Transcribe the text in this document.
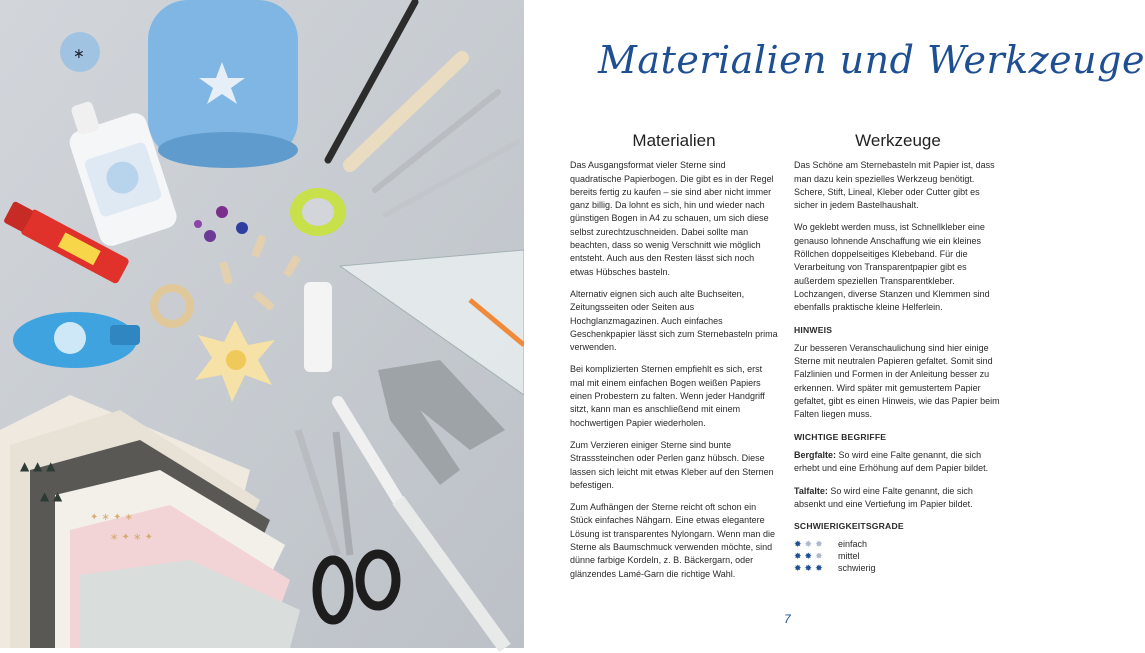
✦ ∗ ✦ ∗
∗ ✦ ∗ ✦
▲ ▲ ▲
▲ ▲
∗	Materialien und Werkzeuge
Materialien

Das Ausgangsformat vieler Sterne sind quadratische Papierbogen. Die gibt es in der Regel bereits fertig zu kaufen – sie sind aber nicht immer ganz billig. Da lohnt es sich, hin und wieder nach günstigen Bogen in A4 zu schauen, um sich diese selbst zurechtzuschneiden. Dabei sollte man beachten, dass so wenig Verschnitt wie möglich entsteht. Auch aus den Resten lässt sich noch etwas Hübsches basteln.

Alternativ eignen sich auch alte Buchseiten, Zeitungsseiten oder Seiten aus Hochglanzmagazinen. Auch einfaches Geschenkpapier lässt sich zum Sternebasteln prima verwenden.

Bei komplizierten Sternen empfiehlt es sich, erst mal mit einem einfachen Bogen weißen Papiers einen Probestern zu falten. Wenn jeder Handgriff sitzt, kann man es anschließend mit einem hochwertigen Papier wiederholen.

Zum Verzieren einiger Sterne sind bunte Strasssteinchen oder Perlen ganz hübsch. Diese lassen sich leicht mit etwas Kleber auf den Sternen befestigen.

Zum Aufhängen der Sterne reicht oft schon ein Stück einfaches Nähgarn. Eine etwas elegantere Lösung ist transparentes Nylongarn. Wenn man die Sterne als Baumschmuck verwenden möchte, sind dünne farbige Kordeln, z. B. Bäckergarn, oder glänzendes Lamé-Garn die richtige Wahl.

Werkzeuge

Das Schöne am Sternebasteln mit Papier ist, dass man dazu kein spezielles Werkzeug benötigt. Schere, Stift, Lineal, Kleber oder Cutter gibt es sicher in jedem Bastelhaushalt.

Wo geklebt werden muss, ist Schnellkleber eine genauso lohnende Anschaffung wie ein kleines Röllchen doppelseitiges Klebeband. Für die Verarbeitung von Transparentpapier gibt es außerdem speziellen Transparentkleber. Lochzangen, diverse Stanzen und Klemmen sind ebenfalls praktische kleine Helferlein.

HINWEIS

Zur besseren Veranschaulichung sind hier einige Sterne mit neutralen Papieren gefaltet. Somit sind Falzlinien und Formen in der Anleitung besser zu erkennen. Wird später mit gemustertem Papier gefaltet, gibt es einen Hinweis, wie das Papier beim Falten liegen muss.

WICHTIGE BEGRIFFE

Bergfalte: So wird eine Falte genannt, die sich erhebt und eine Erhöhung auf dem Papier bildet.

Talfalte: So wird eine Falte genannt, die sich absenkt und eine Vertiefung im Papier bildet.

SCHWIERIGKEITSGRADE
✸ ✸ ✸ einfach
✸ ✸ ✸ mittel
✸ ✸ ✸ schwierig
7
